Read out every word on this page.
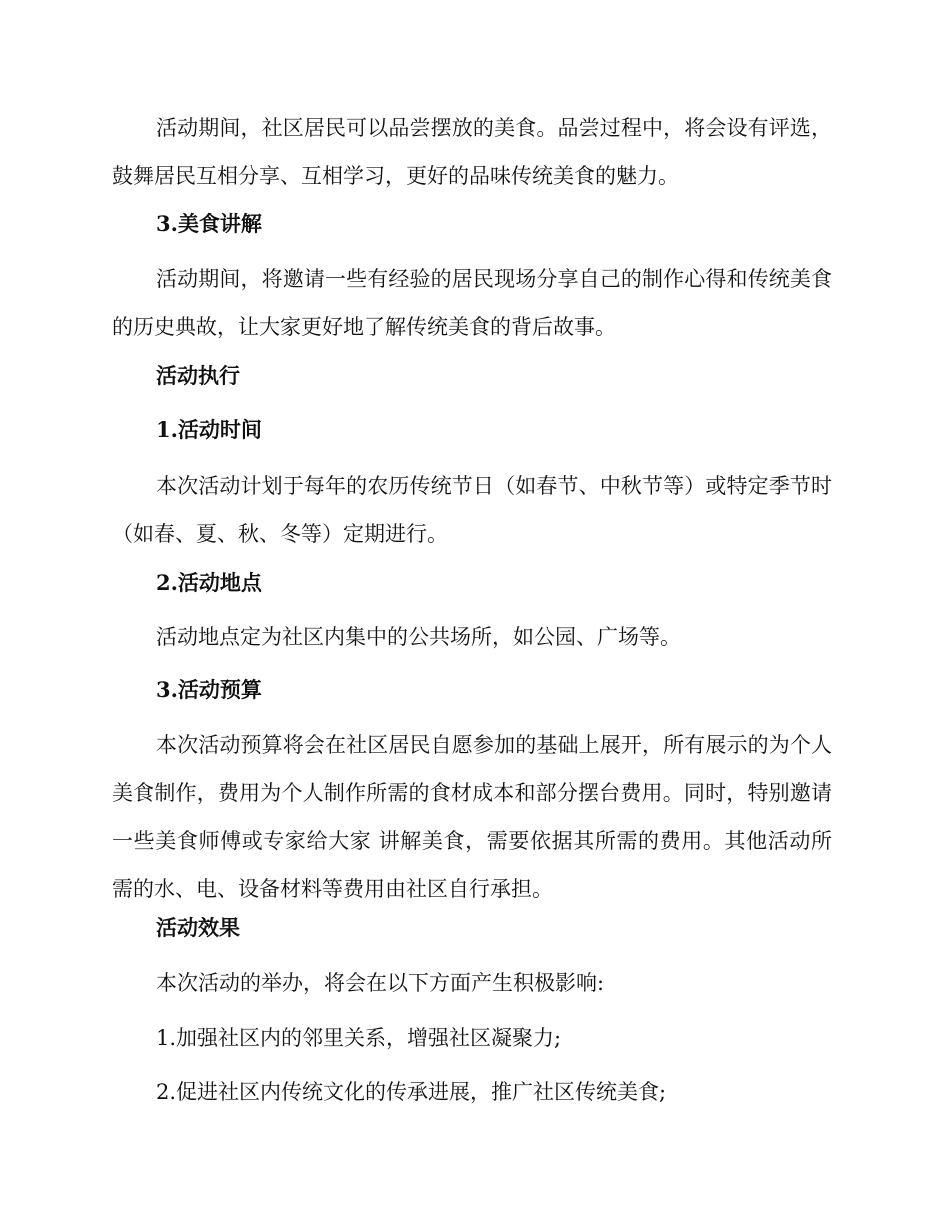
活动期间，社区居民可以品尝摆放的美食。品尝过程中，将会设有评选，鼓舞居民互相分享、互相学习，更好的品味传统美食的魅力。

3.美食讲解

活动期间，将邀请一些有经验的居民现场分享自己的制作心得和传统美食的历史典故，让大家更好地了解传统美食的背后故事。

活动执行

1.活动时间

本次活动计划于每年的农历传统节日（如春节、中秋节等）或特定季节时（如春、夏、秋、冬等）定期进行。

2.活动地点

活动地点定为社区内集中的公共场所，如公园、广场等。

3.活动预算

本次活动预算将会在社区居民自愿参加的基础上展开，所有展示的为个人美食制作，费用为个人制作所需的食材成本和部分摆台费用。同时，特别邀请一些美食师傅或专家给大家 讲解美食，需要依据其所需的费用。其他活动所需的水、电、设备材料等费用由社区自行承担。

活动效果

本次活动的举办，将会在以下方面产生积极影响:

1.加强社区内的邻里关系，增强社区凝聚力;

2.促进社区内传统文化的传承进展，推广社区传统美食;
